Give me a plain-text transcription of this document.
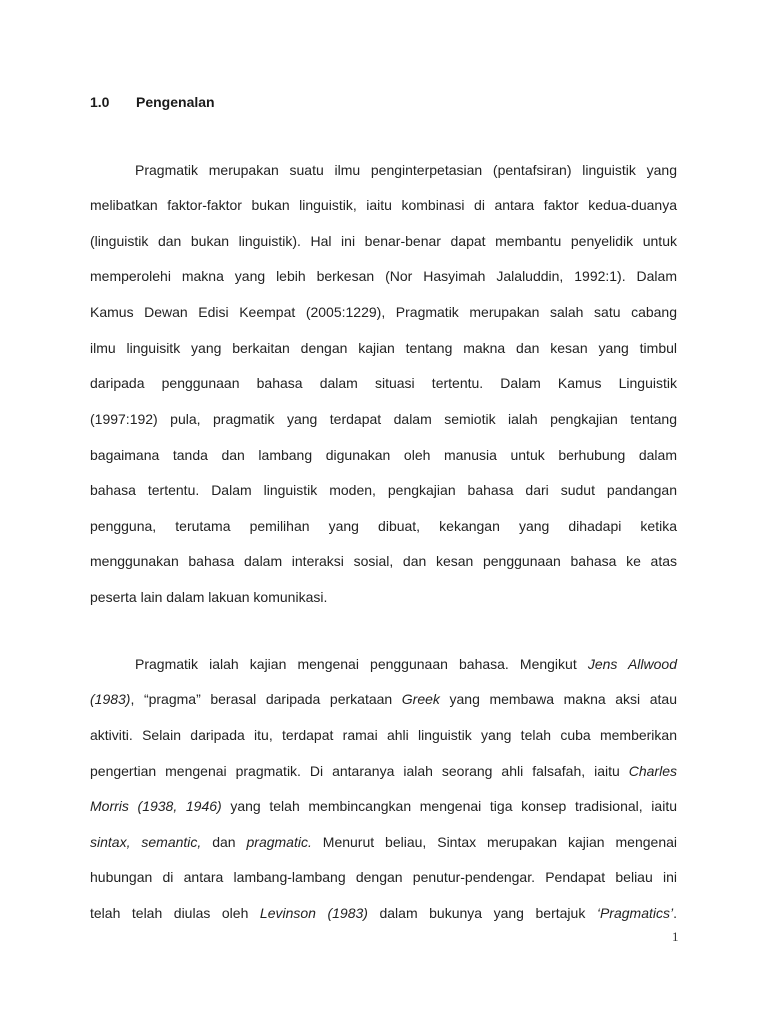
1.0 Pengenalan
Pragmatik merupakan suatu ilmu penginterpetasian (pentafsiran) linguistik yang
melibatkan faktor-faktor bukan linguistik, iaitu kombinasi di antara faktor kedua-duanya
(linguistik dan bukan linguistik). Hal ini benar-benar dapat membantu penyelidik untuk
memperolehi makna yang lebih berkesan (Nor Hasyimah Jalaluddin, 1992:1). Dalam
Kamus Dewan Edisi Keempat (2005:1229), Pragmatik merupakan salah satu cabang
ilmu linguisitk yang berkaitan dengan kajian tentang makna dan kesan yang timbul
daripada penggunaan bahasa dalam situasi tertentu. Dalam Kamus Linguistik
(1997:192) pula, pragmatik yang terdapat dalam semiotik ialah pengkajian tentang
bagaimana tanda dan lambang digunakan oleh manusia untuk berhubung dalam
bahasa tertentu. Dalam linguistik moden, pengkajian bahasa dari sudut pandangan
pengguna, terutama pemilihan yang dibuat, kekangan yang dihadapi ketika
menggunakan bahasa dalam interaksi sosial, dan kesan penggunaan bahasa ke atas
peserta lain dalam lakuan komunikasi.
Pragmatik ialah kajian mengenai penggunaan bahasa. Mengikut Jens Allwood
(1983), “pragma” berasal daripada perkataan Greek yang membawa makna aksi atau
aktiviti. Selain daripada itu, terdapat ramai ahli linguistik yang telah cuba memberikan
pengertian mengenai pragmatik. Di antaranya ialah seorang ahli falsafah, iaitu Charles
Morris (1938, 1946) yang telah membincangkan mengenai tiga konsep tradisional, iaitu
sintax, semantic, dan pragmatic. Menurut beliau, Sintax merupakan kajian mengenai
hubungan di antara lambang-lambang dengan penutur-pendengar. Pendapat beliau ini
telah telah diulas oleh Levinson (1983) dalam bukunya yang bertajuk ‘Pragmatics’.
1
